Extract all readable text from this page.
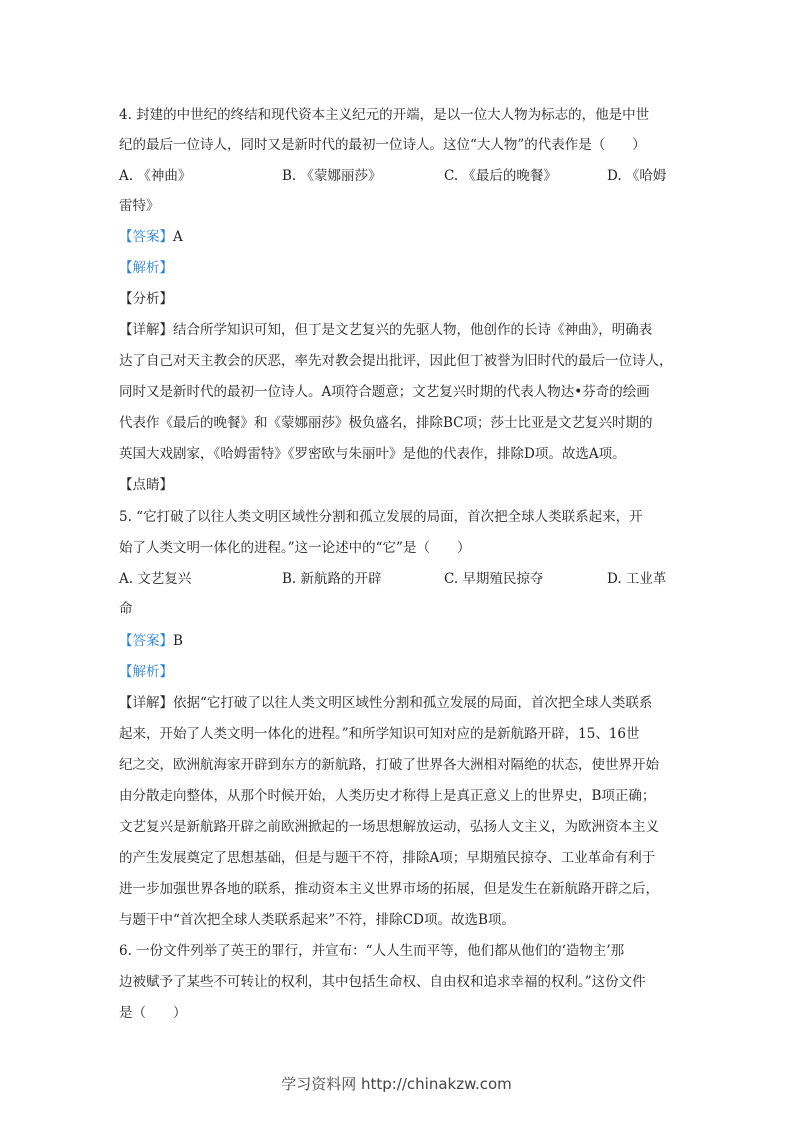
4. 封建的中世纪的终结和现代资本主义纪元的开端，是以一位大人物为标志的，他是中世
纪的最后一位诗人，同时又是新时代的最初一位诗人。这位“大人物”的代表作是（　　）
A. 《神曲》	B. 《蒙娜丽莎》	C. 《最后的晚餐》	D. 《哈姆
雷特》
【答案】A
【解析】
【分析】
【详解】结合所学知识可知，但丁是文艺复兴的先驱人物，他创作的长诗《神曲》，明确表
达了自己对天主教会的厌恶，率先对教会提出批评，因此但丁被誉为旧时代的最后一位诗人，
同时又是新时代的最初一位诗人。A项符合题意；文艺复兴时期的代表人物达•芬奇的绘画
代表作《最后的晚餐》和《蒙娜丽莎》极负盛名，排除BC项；莎士比亚是文艺复兴时期的
英国大戏剧家，《哈姆雷特》《罗密欧与朱丽叶》是他的代表作，排除D项。故选A项。
【点睛】
5. “它打破了以往人类文明区域性分割和孤立发展的局面，首次把全球人类联系起来，开
始了人类文明一体化的进程。”这一论述中的“它”是（　　）
A. 文艺复兴	B. 新航路的开辟	C. 早期殖民掠夺	D. 工业革
命
【答案】B
【解析】
【详解】依据“它打破了以往人类文明区域性分割和孤立发展的局面，首次把全球人类联系
起来，开始了人类文明一体化的进程。”和所学知识可知对应的是新航路开辟，15、16世
纪之交，欧洲航海家开辟到东方的新航路，打破了世界各大洲相对隔绝的状态，使世界开始
由分散走向整体，从那个时候开始，人类历史才称得上是真正意义上的世界史，B项正确；
文艺复兴是新航路开辟之前欧洲掀起的一场思想解放运动，弘扬人文主义，为欧洲资本主义
的产生发展奠定了思想基础，但是与题干不符，排除A项；早期殖民掠夺、工业革命有利于
进一步加强世界各地的联系，推动资本主义世界市场的拓展，但是发生在新航路开辟之后，
与题干中“首次把全球人类联系起来”不符，排除CD项。故选B项。
6. 一份文件列举了英王的罪行，并宣布：“人人生而平等，他们都从他们的‘造物主’那
边被赋予了某些不可转让的权利，其中包括生命权、自由权和追求幸福的权利。”这份文件
是（　　）
学习资料网 http://chinakzw.com
